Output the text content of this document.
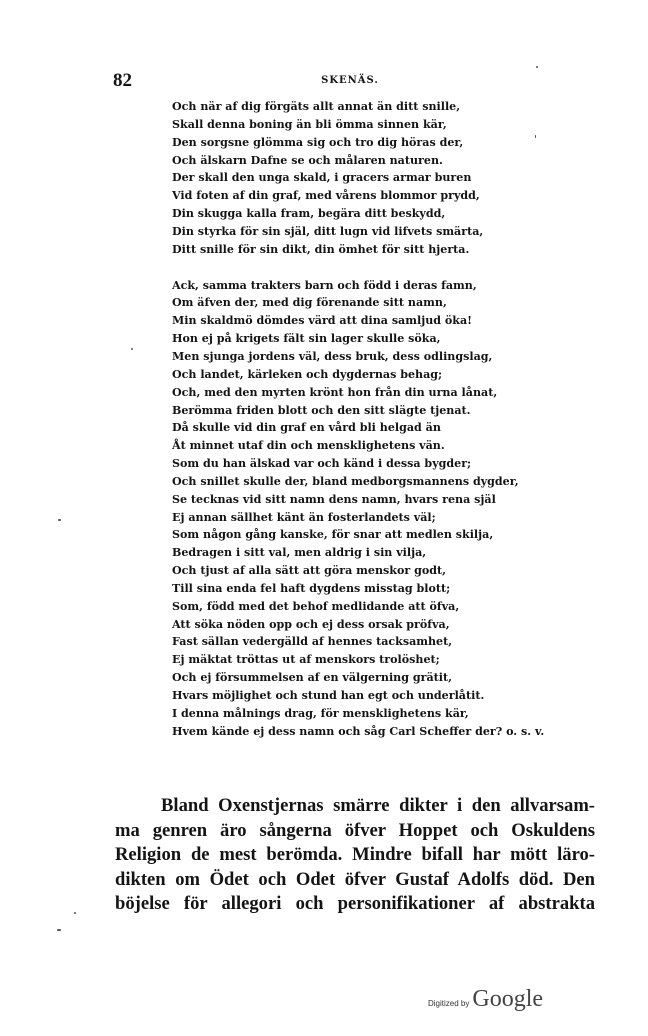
82	SKENÄS.
Och när af dig förgäts allt annat än ditt snille,
Skall denna boning än bli ömma sinnen kär,
Den sorgsne glömma sig och tro dig höras der,
Och älskarn Dafne se och målaren naturen.
Der skall den unga skald, i gracers armar buren
Vid foten af din graf, med vårens blommor prydd,
Din skugga kalla fram, begära ditt beskydd,
Din styrka för sin själ, ditt lugn vid lifvets smärta,
Ditt snille för sin dikt, din ömhet för sitt hjerta.
Ack, samma trakters barn och född i deras famn,
Om äfven der, med dig förenande sitt namn,
Min skaldmö dömdes värd att dina samljud öka!
Hon ej på krigets fält sin lager skulle söka,
Men sjunga jordens väl, dess bruk, dess odlingslag,
Och landet, kärleken och dygdernas behag;
Och, med den myrten krönt hon från din urna lånat,
Berömma friden blott och den sitt slägte tjenat.
Då skulle vid din graf en vård bli helgad än
Åt minnet utaf din och mensklighetens vän.
Som du han älskad var och känd i dessa bygder;
Och snillet skulle der, bland medborgsmannens dygder,
Se tecknas vid sitt namn dens namn, hvars rena själ
Ej annan sällhet känt än fosterlandets väl;
Som någon gång kanske, för snar att medlen skilja,
Bedragen i sitt val, men aldrig i sin vilja,
Och tjust af alla sätt att göra menskor godt,
Till sina enda fel haft dygdens misstag blott;
Som, född med det behof medlidande att öfva,
Att söka nöden opp och ej dess orsak pröfva,
Fast sällan vedergälld af hennes tacksamhet,
Ej mäktat tröttas ut af menskors trolöshet;
Och ej försummelsen af en välgerning grätit,
Hvars möjlighet och stund han egt och underlåtit.
I denna målnings drag, för mensklighetens kär,
Hvem kände ej dess namn och såg Carl Scheffer der? o. s. v.
Bland Oxenstjernas smärre dikter i den allvarsam-
ma genren äro sångerna öfver Hoppet och Oskuldens
Religion de mest berömda. Mindre bifall har mött läro-
dikten om Ödet och Odet öfver Gustaf Adolfs död. Den
böjelse för allegori och personifikationer af abstrakta
Digitized by Google
